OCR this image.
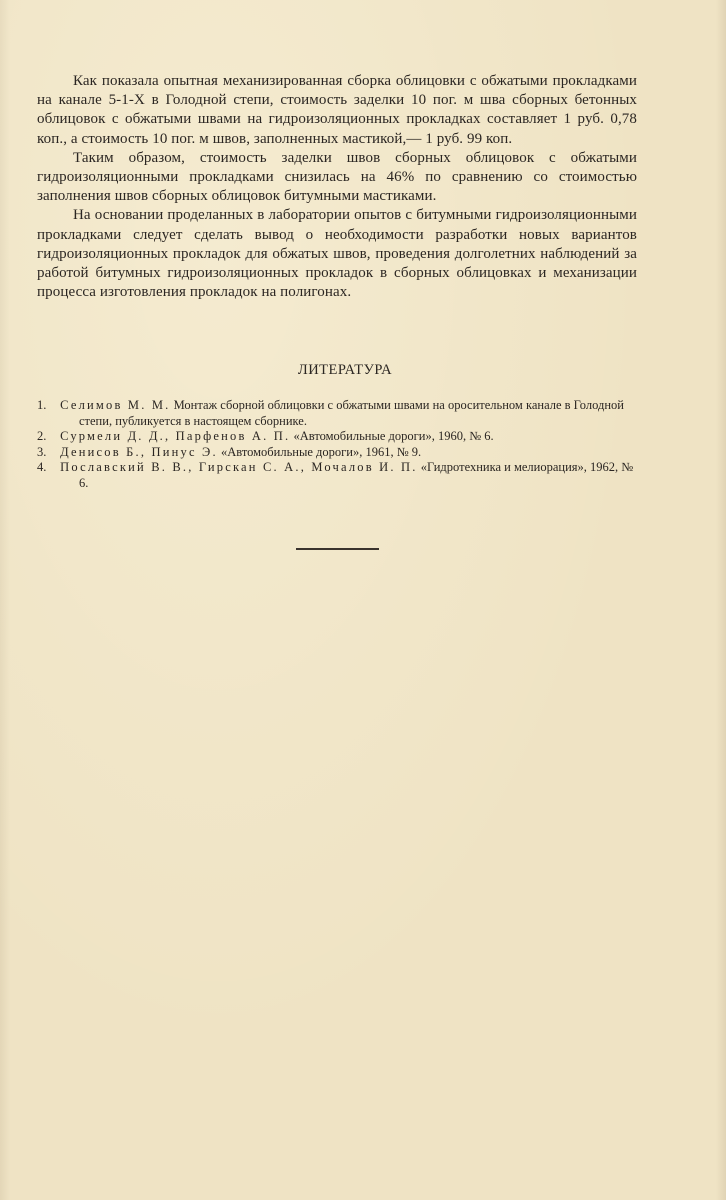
Как показала опытная механизированная сборка облицовки с обжатыми прокладками на канале 5-1-Х в Голодной степи, стоимость заделки 10 пог. м шва сборных бетонных облицовок с обжатыми швами на гидроизоляционных прокладках составляет 1 руб. 0,78 коп., а стоимость 10 пог. м швов, заполненных мастикой,— 1 руб. 99 коп.

Таким образом, стоимость заделки швов сборных облицовок с обжатыми гидроизоляционными прокладками снизилась на 46% по сравнению со стоимостью заполнения швов сборных облицовок битумными мастиками.

На основании проделанных в лаборатории опытов с битумными гидроизоляционными прокладками следует сделать вывод о необходимости разработки новых вариантов гидроизоляционных прокладок для обжатых швов, проведения долголетних наблюдений за работой битумных гидроизоляционных прокладок в сборных облицовках и механизации процесса изготовления прокладок на полигонах.

ЛИТЕРАТУРА

1. Селимов М. М. Монтаж сборной облицовки с обжатыми швами на оросительном канале в Голодной степи, публикуется в настоящем сборнике.

2. Сурмели Д. Д., Парфенов А. П. «Автомобильные дороги», 1960, № 6.

3. Денисов Б., Пинус Э. «Автомобильные дороги», 1961, № 9.

4. Пославский В. В., Гирскан С. А., Мочалов И. П. «Гидротехника и мелиорация», 1962, № 6.
